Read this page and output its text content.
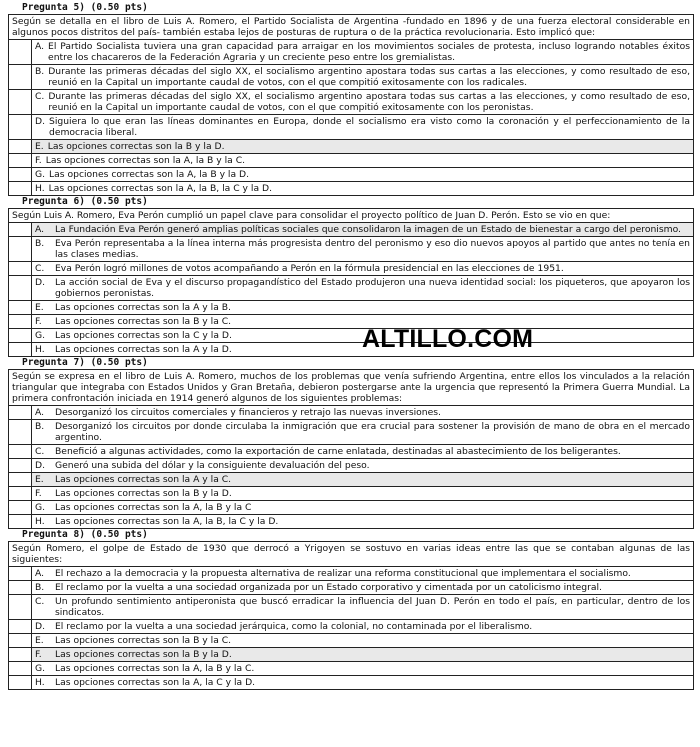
Pregunta 5) (0.50 pts)
Según se detalla en el libro de Luis A. Romero, el Partido Socialista de Argentina -fundado en 1896 y de una fuerza electoral considerable en algunos pocos distritos del país- también estaba lejos de posturas de ruptura o de la práctica revolucionaria. Esto implicó que:
A. El Partido Socialista tuviera una gran capacidad para arraigar en los movimientos sociales de protesta, incluso logrando notables éxitos entre los chacareros de la Federación Agraria y un creciente peso entre los gremialistas.
B. Durante las primeras décadas del siglo XX, el socialismo argentino apostara todas sus cartas a las elecciones, y como resultado de eso, reunió en la Capital un importante caudal de votos, con el que compitió exitosamente con los radicales.
C. Durante las primeras décadas del siglo XX, el socialismo argentino apostara todas sus cartas a las elecciones, y como resultado de eso, reunió en la Capital un importante caudal de votos, con el que compitió exitosamente con los peronistas.
D. Siguiera lo que eran las líneas dominantes en Europa, donde el socialismo era visto como la coronación y el perfeccionamiento de la democracia liberal.
E. Las opciones correctas son la B y la D.
F. Las opciones correctas son la A, la B y la C.
G. Las opciones correctas son la A, la B y la D.
H. Las opciones correctas son la A, la B, la C y la D.
Pregunta 6) (0.50 pts)
Según Luis A. Romero, Eva Perón cumplió un papel clave para consolidar el proyecto político de Juan D. Perón. Esto se vio en que:
A.	La Fundación Eva Perón generó amplias políticas sociales que consolidaron la imagen de un Estado de bienestar a cargo del peronismo.
B.	Eva Perón representaba a la línea interna más progresista dentro del peronismo y eso dio nuevos apoyos al partido que antes no tenía en las clases medias.
C.	Eva Perón logró millones de votos acompañando a Perón en la fórmula presidencial en las elecciones de 1951.
D.	La acción social de Eva y el discurso propagandístico del Estado produjeron una nueva identidad social: los piqueteros, que apoyaron los gobiernos peronistas.
E.	Las opciones correctas son la A y la B.
F.	Las opciones correctas son la B y la C.
G.	Las opciones correctas son la C y la D.
H.	Las opciones correctas son la A y la D.
Pregunta 7) (0.50 pts)
Según se expresa en el libro de Luis A. Romero, muchos de los problemas que venía sufriendo Argentina, entre ellos los vinculados a la relación triangular que integraba con Estados Unidos y Gran Bretaña, debieron postergarse ante la urgencia que representó la Primera Guerra Mundial. La primera confrontación iniciada en 1914 generó algunos de los siguientes problemas:
A.	Desorganizó los circuitos comerciales y financieros y retrajo las nuevas inversiones.
B.	Desorganizó los circuitos por donde circulaba la inmigración que era crucial para sostener la provisión de mano de obra en el mercado argentino.
C.	Benefició a algunas actividades, como la exportación de carne enlatada, destinadas al abastecimiento de los beligerantes.
D.	Generó una subida del dólar y la consiguiente devaluación del peso.
E.	Las opciones correctas son la A y la C.
F.	Las opciones correctas son la B y la D.
G.	Las opciones correctas son la A, la B y la C
H.	Las opciones correctas son la A, la B, la C y la D.
Pregunta 8) (0.50 pts)
Según Romero, el golpe de Estado de 1930 que derrocó a Yrigoyen se sostuvo en varias ideas entre las que se contaban algunas de las siguientes:
A.	El rechazo a la democracia y la propuesta alternativa de realizar una reforma constitucional que implementara el socialismo.
B.	El reclamo por la vuelta a una sociedad organizada por un Estado corporativo y cimentada por un catolicismo integral.
C.	Un profundo sentimiento antiperonista que buscó erradicar la influencia del Juan D. Perón en todo el país, en particular, dentro de los sindicatos.
D.	El reclamo por la vuelta a una sociedad jerárquica, como la colonial, no contaminada por el liberalismo.
E.	Las opciones correctas son la B y la C.
F.	Las opciones correctas son la B y la D.
G.	Las opciones correctas son la A, la B y la C.
H.	Las opciones correctas son la A, la C y la D.
ALTILLO.COM
